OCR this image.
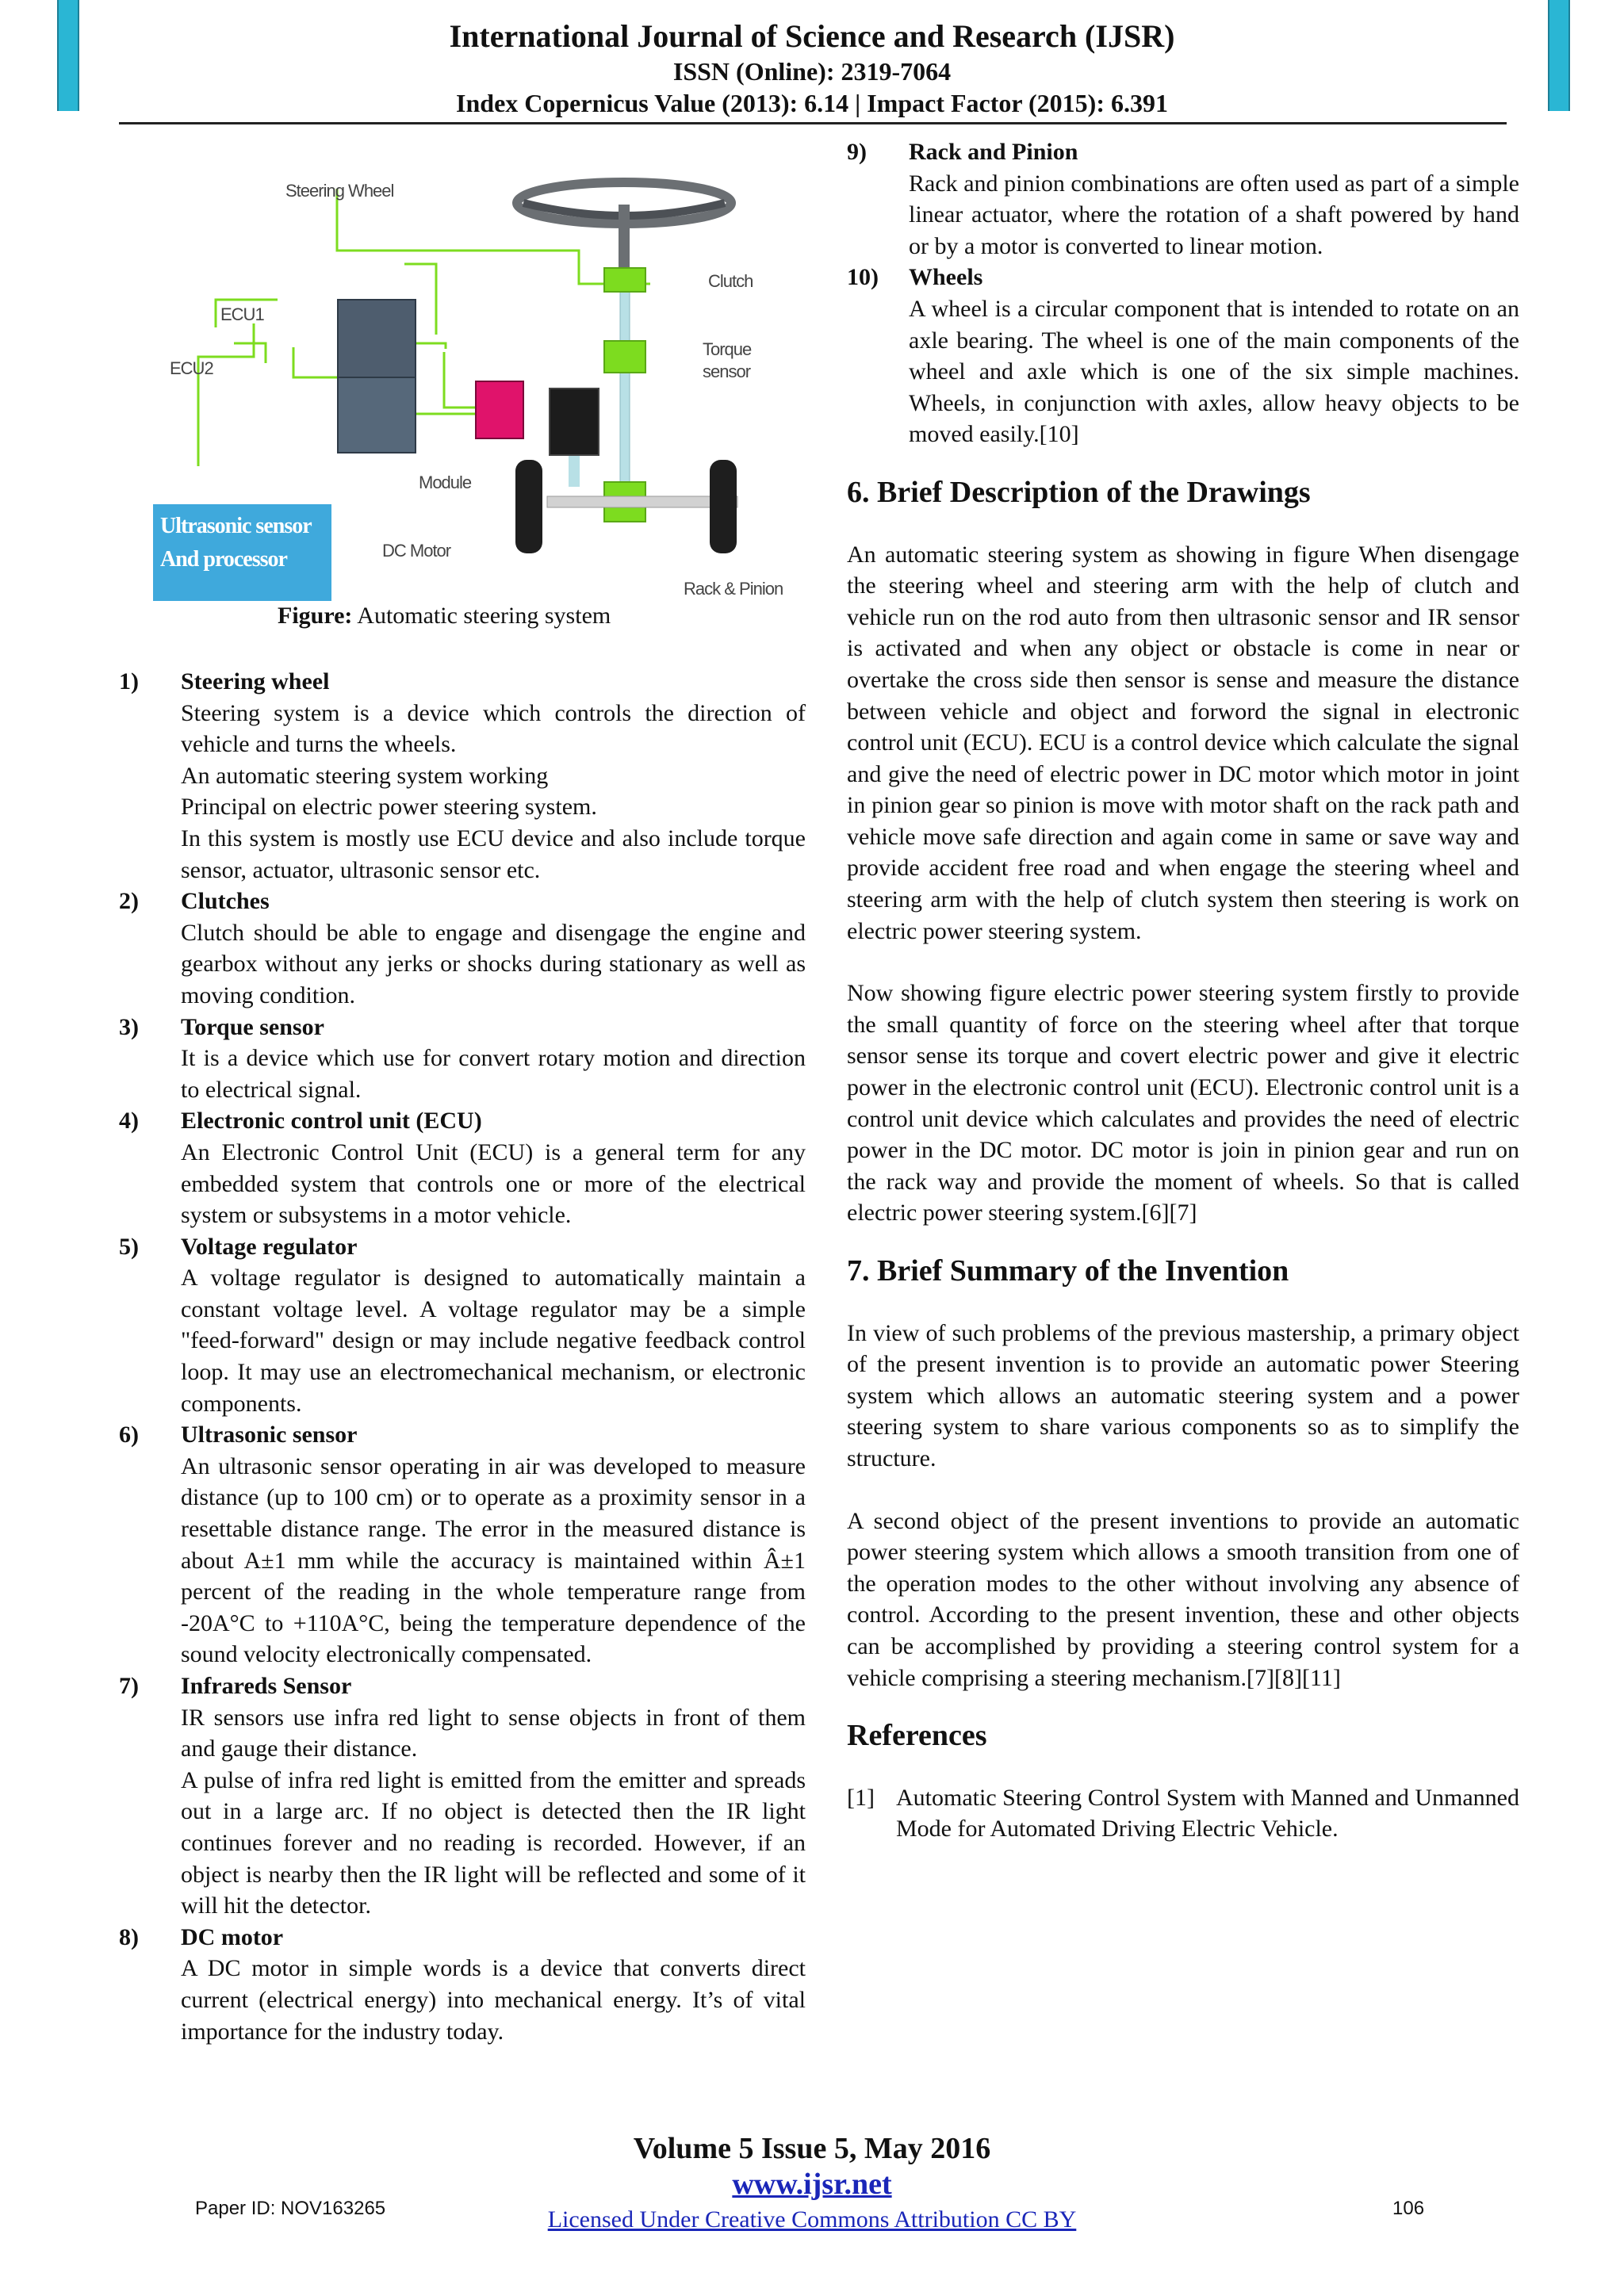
International Journal of Science and Research (IJSR)
ISSN (Online): 2319-7064
Index Copernicus Value (2013): 6.14 | Impact Factor (2015): 6.391
Steering Wheel
ECU1
ECU2
Clutch
Torque
sensor
Module
DC Motor
Rack & Pinion
Ultrasonic sensor
And processor
Figure: Automatic steering system
1) Steering wheel
Steering system is a device which controls the direction of vehicle and turns the wheels.
An automatic steering system working
Principal on electric power steering system.
In this system is mostly use ECU device and also include torque sensor, actuator, ultrasonic sensor etc.
2) Clutches
Clutch should be able to engage and disengage the engine and gearbox without any jerks or shocks during stationary as well as moving condition.
3) Torque sensor
It is a device which use for convert rotary motion and direction to electrical signal.
4) Electronic control unit (ECU)
An Electronic Control Unit (ECU) is a general term for any embedded system that controls one or more of the electrical system or subsystems in a motor vehicle.
5) Voltage regulator
A voltage regulator is designed to automatically maintain a constant voltage level. A voltage regulator may be a simple "feed-forward" design or may include negative feedback control loop. It may use an electromechanical mechanism, or electronic components.
6) Ultrasonic sensor
An ultrasonic sensor operating in air was developed to measure distance (up to 100 cm) or to operate as a proximity sensor in a resettable distance range. The error in the measured distance is about A±1 mm while the accuracy is maintained within Â±1 percent of the reading in the whole temperature range from -20A°C to +110A°C, being the temperature dependence of the sound velocity electronically compensated.
7) Infrareds Sensor
IR sensors use infra red light to sense objects in front of them and gauge their distance.
A pulse of infra red light is emitted from the emitter and spreads out in a large arc. If no object is detected then the IR light continues forever and no reading is recorded. However, if an object is nearby then the IR light will be reflected and some of it will hit the detector.
8) DC motor
A DC motor in simple words is a device that converts direct current (electrical energy) into mechanical energy. It’s of vital importance for the industry today.
9) Rack and Pinion
Rack and pinion combinations are often used as part of a simple linear actuator, where the rotation of a shaft powered by hand or by a motor is converted to linear motion.
10) Wheels
A wheel is a circular component that is intended to rotate on an axle bearing. The wheel is one of the main components of the wheel and axle which is one of the six simple machines. Wheels, in conjunction with axles, allow heavy objects to be moved easily.[10]

6. Brief Description of the Drawings

An automatic steering system as showing in figure When disengage the steering wheel and steering arm with the help of clutch and vehicle run on the rod auto from then ultrasonic sensor and IR sensor is activated and when any object or obstacle is come in near or overtake the cross side then sensor is sense and measure the distance between vehicle and object and forword the signal in electronic control unit (ECU). ECU is a control device which calculate the signal and give the need of electric power in DC motor which motor in joint in pinion gear so pinion is move with motor shaft on the rack path and vehicle move safe direction and again come in same or save way and provide accident free road and when engage the steering wheel and steering arm with the help of clutch system then steering is work on electric power steering system.

Now showing figure electric power steering system firstly to provide the small quantity of force on the steering wheel after that torque sensor sense its torque and covert electric power and give it electric power in the electronic control unit (ECU). Electronic control unit is a control unit device which calculates and provides the need of electric power in the DC motor. DC motor is join in pinion gear and run on the rack way and provide the moment of wheels. So that is called electric power steering system.[6][7]

7. Brief Summary of the Invention

In view of such problems of the previous mastership, a primary object of the present invention is to provide an automatic power Steering system which allows an automatic steering system and a power steering system to share various components so as to simplify the structure.

A second object of the present inventions to provide an automatic power steering system which allows a smooth transition from one of the operation modes to the other without involving any absence of control. According to the present invention, these and other objects can be accomplished by providing a steering control system for a vehicle comprising a steering mechanism.[7][8][11]

References

[1] Automatic Steering Control System with Manned and Unmanned Mode for Automated Driving Electric Vehicle.
Volume 5 Issue 5, May 2016
www.ijsr.net
Licensed Under Creative Commons Attribution CC BY
Paper ID: NOV163265	106
